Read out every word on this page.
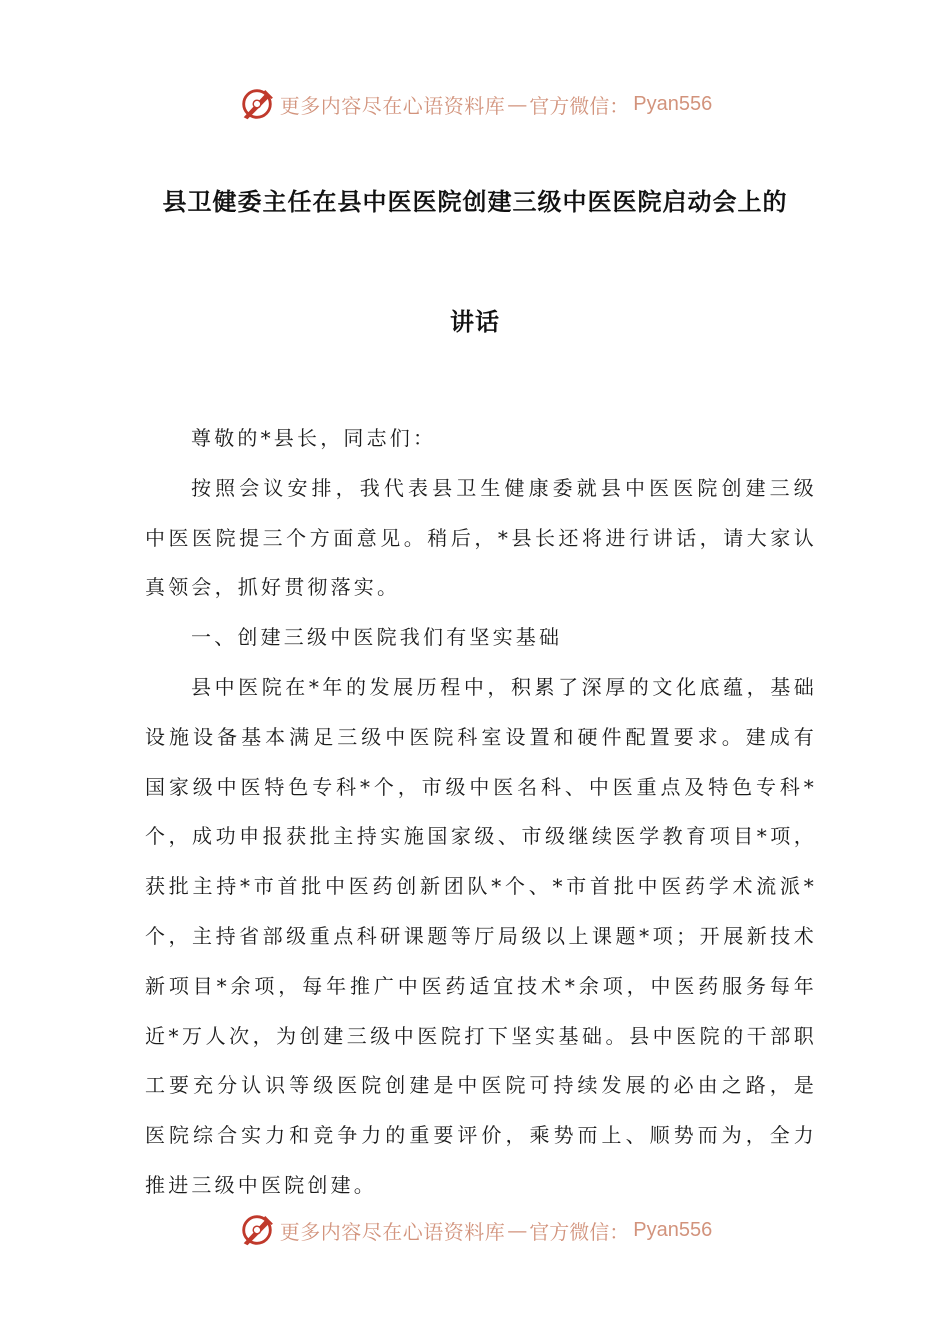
更多内容尽在心语资料库 — 官方微信： Pyan556
县卫健委主任在县中医医院创建三级中医医院启动会上的
讲话

尊敬的*县长，同志们：

按照会议安排，我代表县卫生健康委就县中医医院创建三级中医医院提三个方面意见。稍后，*县长还将进行讲话，请大家认真领会，抓好贯彻落实。

一、创建三级中医院我们有坚实基础

县中医院在*年的发展历程中，积累了深厚的文化底蕴，基础设施设备基本满足三级中医院科室设置和硬件配置要求。建成有国家级中医特色专科*个，市级中医名科、中医重点及特色专科*个，成功申报获批主持实施国家级、市级继续医学教育项目*项，获批主持*市首批中医药创新团队*个、*市首批中医药学术流派*个，主持省部级重点科研课题等厅局级以上课题*项；开展新技术新项目*余项，每年推广中医药适宜技术*余项，中医药服务每年近*万人次，为创建三级中医院打下坚实基础。县中医院的干部职工要充分认识等级医院创建是中医院可持续发展的必由之路，是医院综合实力和竞争力的重要评价，乘势而上、顺势而为，全力推进三级中医院创建。

更多内容尽在心语资料库 — 官方微信： Pyan556
